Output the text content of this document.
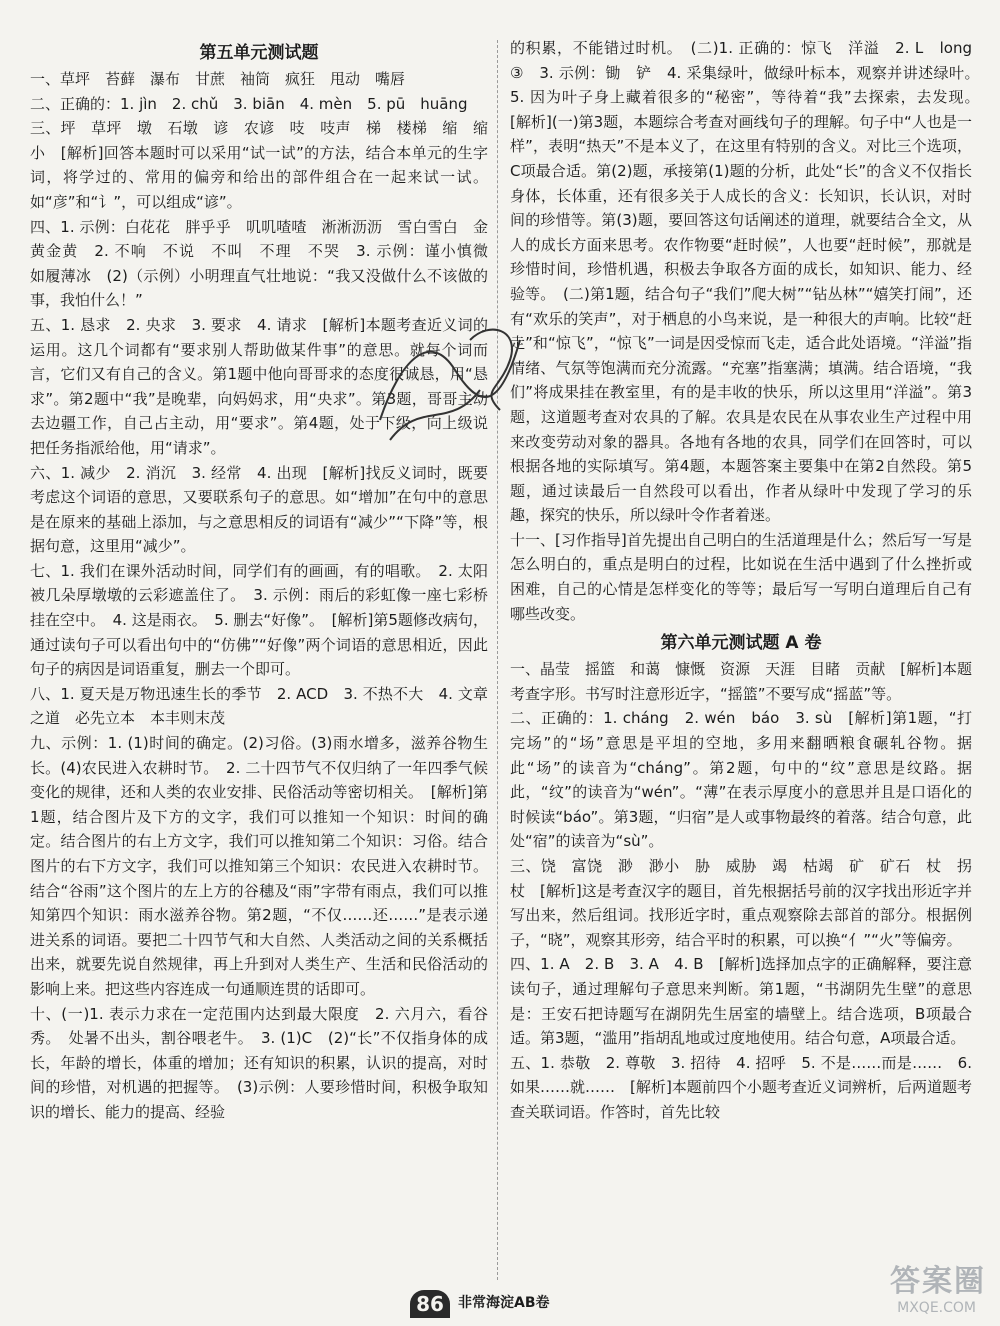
第五单元测试题

一、草坪　苔藓　瀑布　甘蔗　袖筒　疯狂　甩动　嘴唇

二、正确的：1. jìn　2. chǔ　3. biān　4. mèn　5. pū　huāng

三、坪　草坪　墩　石墩　谚　农谚　吱　吱声　梯　楼梯　缩　缩小　[解析]回答本题时可以采用“试一试”的方法，结合本单元的生字词，将学过的、常用的偏旁和给出的部件组合在一起来试一试。如“彦”和“讠”，可以组成“谚”。

四、1. 示例：白花花　胖乎乎　叽叽喳喳　淅淅沥沥　雪白雪白　金黄金黄　2. 不响　不说　不叫　不理　不哭　3. 示例：谨小慎微　如履薄冰　(2)（示例）小明理直气壮地说：“我又没做什么不该做的事，我怕什么！”

五、1. 恳求　2. 央求　3. 要求　4. 请求　[解析]本题考查近义词的运用。这几个词都有“要求别人帮助做某件事”的意思。就每个词而言，它们又有自己的含义。第1题中他向哥哥求的态度很诚恳，用“恳求”。第2题中“我”是晚辈，向妈妈求，用“央求”。第3题，哥哥主动去边疆工作，自己占主动，用“要求”。第4题，处于下级，向上级说把任务指派给他，用“请求”。

六、1. 减少　2. 消沉　3. 经常　4. 出现　[解析]找反义词时，既要考虑这个词语的意思，又要联系句子的意思。如“增加”在句中的意思是在原来的基础上添加，与之意思相反的词语有“减少”“下降”等，根据句意，这里用“减少”。

七、1. 我们在课外活动时间，同学们有的画画，有的唱歌。　2. 太阳被几朵厚墩墩的云彩遮盖住了。　3. 示例：雨后的彩虹像一座七彩桥挂在空中。　4. 这是雨衣。　5. 删去“好像”。　[解析]第5题修改病句，通过读句子可以看出句中的“仿佛”“好像”两个词语的意思相近，因此句子的病因是词语重复，删去一个即可。

八、1. 夏天是万物迅速生长的季节　2. ACD　3. 不热不大　4. 文章之道　必先立本　本丰则末茂

九、示例：1. (1)时间的确定。(2)习俗。(3)雨水增多，滋养谷物生长。(4)农民进入农耕时节。　2. 二十四节气不仅归纳了一年四季气候变化的规律，还和人类的农业安排、民俗活动等密切相关。　[解析]第1题，结合图片及下方的文字，我们可以推知一个知识：时间的确定。结合图片的右上方文字，我们可以推知第二个知识：习俗。结合图片的右下方文字，我们可以推知第三个知识：农民进入农耕时节。结合“谷雨”这个图片的左上方的谷穗及“雨”字带有雨点，我们可以推知第四个知识：雨水滋养谷物。第2题，“不仅……还……”是表示递进关系的词语。要把二十四节气和大自然、人类活动之间的关系概括出来，就要先说自然规律，再上升到对人类生产、生活和民俗活动的影响上来。把这些内容连成一句通顺连贯的话即可。

十、(一)1. 表示力求在一定范围内达到最大限度　2. 六月六，看谷秀。　处暑不出头，割谷喂老牛。　3. (1)C　(2)“长”不仅指身体的成长，年龄的增长，体重的增加；还有知识的积累，认识的提高，对时间的珍惜，对机遇的把握等。　(3)示例：人要珍惜时间，积极争取知识的增长、能力的提高、经验

的积累，不能错过时机。　(二)1. 正确的：惊飞　洋溢　2. L　long　③　3. 示例：锄　铲　4. 采集绿叶，做绿叶标本，观察并讲述绿叶。　5. 因为叶子身上藏着很多的“秘密”，等待着“我”去探索，去发现。　[解析](一)第3题，本题综合考查对画线句子的理解。句子中“人也是一样”，表明“热天”不是本义了，在这里有特别的含义。对比三个选项，C项最合适。第(2)题，承接第(1)题的分析，此处“长”的含义不仅指长身体，长体重，还有很多关于人成长的含义：长知识，长认识，对时间的珍惜等。第(3)题，要回答这句话阐述的道理，就要结合全文，从人的成长方面来思考。农作物要“赶时候”，人也要“赶时候”，那就是珍惜时间，珍惜机遇，积极去争取各方面的成长，如知识、能力、经验等。　(二)第1题，结合句子“我们”爬大树”“钻丛林”“嬉笑打闹”，还有“欢乐的笑声”，对于栖息的小鸟来说，是一种很大的声响。比较“赶走”和“惊飞”，“惊飞”一词是因受惊而飞走，适合此处语境。“洋溢”指情绪、气氛等饱满而充分流露。“充塞”指塞满；填满。结合语境，“我们”将成果挂在教室里，有的是丰收的快乐，所以这里用“洋溢”。第3题，这道题考查对农具的了解。农具是农民在从事农业生产过程中用来改变劳动对象的器具。各地有各地的农具，同学们在回答时，可以根据各地的实际填写。第4题，本题答案主要集中在第2自然段。第5题，通过读最后一自然段可以看出，作者从绿叶中发现了学习的乐趣，探究的快乐，所以绿叶令作者着迷。

十一、[习作指导]首先提出自己明白的生活道理是什么；然后写一写是怎么明白的，重点是明白的过程，比如说在生活中遇到了什么挫折或困难，自己的心情是怎样变化的等等；最后写一写明白道理后自己有哪些改变。

第六单元测试题 A 卷

一、晶莹　摇篮　和蔼　慷慨　资源　天涯　目睹　贡献　[解析]本题考查字形。书写时注意形近字，“摇篮”不要写成“摇蓝”等。

二、正确的：1. cháng　2. wén　báo　3. sù　[解析]第1题，“打完场”的“场”意思是平坦的空地，多用来翻晒粮食碾轧谷物。据此“场”的读音为“cháng”。第2题，句中的“纹”意思是纹路。据此，“纹”的读音为“wén”。“薄”在表示厚度小的意思并且是口语化的时候读“báo”。第3题，“归宿”是人或事物最终的着落。结合句意，此处“宿”的读音为“sù”。

三、饶　富饶　渺　渺小　胁　威胁　竭　枯竭　矿　矿石　杖　拐杖　[解析]这是考查汉字的题目，首先根据括号前的汉字找出形近字并写出来，然后组词。找形近字时，重点观察除去部首的部分。根据例子，“晓”，观察其形旁，结合平时的积累，可以换“亻”“火”等偏旁。

四、1. A　2. B　3. A　4. B　[解析]选择加点字的正确解释，要注意读句子，通过理解句子意思来判断。第1题，“书湖阴先生壁”的意思是：王安石把诗题写在湖阴先生居室的墙壁上。结合选项，B项最合适。第3题，“滥用”指胡乱地或过度地使用。结合句意，A项最合适。

五、1. 恭敬　2. 尊敬　3. 招待　4. 招呼　5. 不是……而是……　6. 如果……就……　[解析]本题前四个小题考查近义词辨析，后两道题考查关联词语。作答时，首先比较

86	非常海淀AB卷
答案圈
MXQE.COM
